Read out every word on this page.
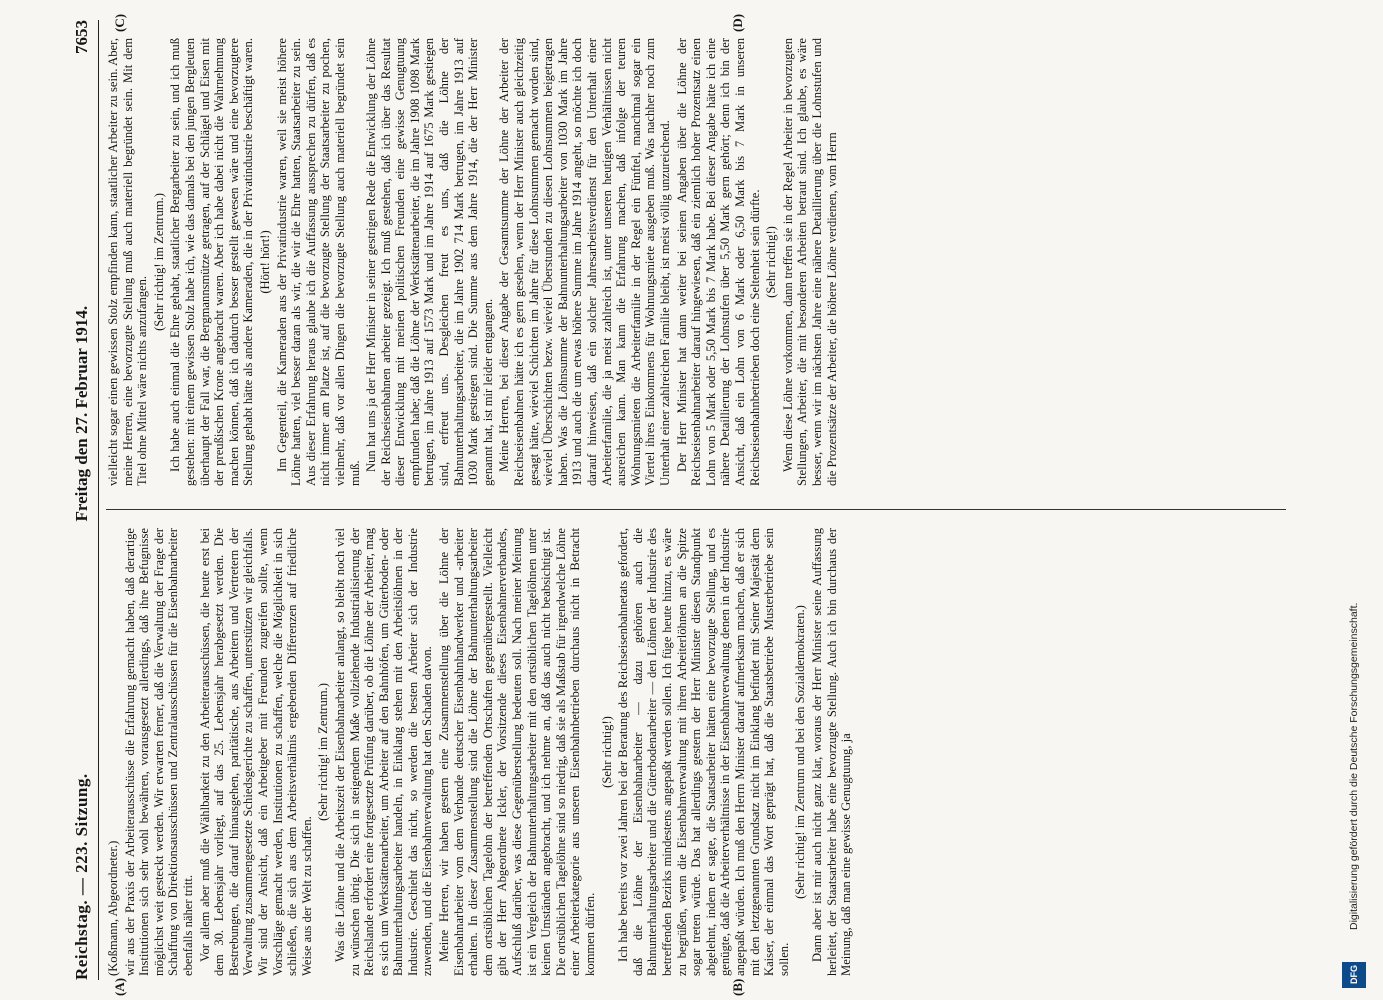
Reichstag. — 223. Sitzung.
Freitag den 27. Februar 1914.
7653
(A)	(B)
(C)	(D)

(Koßmann, Abgeordneter.) wir aus der Praxis der Arbeiterausschüsse die Erfahrung gemacht haben, daß derartige Institutionen sich sehr wohl bewähren, vorausgesetzt allerdings, daß ihre Befugnisse möglichst weit gesteckt werden. Wir erwarten ferner, daß die Verwaltung der Frage der Schaffung von Direktionsausschüssen und Zentralausschüssen für die Eisenbahnarbeiter ebenfalls näher tritt. Vor allem aber muß die Wählbarkeit zu den Arbeiterausschüssen, die heute erst bei dem 30. Lebensjahr vorliegt, auf das 25. Lebensjahr herabgesetzt werden. Die Bestrebungen, die darauf hinausgehen, paritätische, aus Arbeitern und Vertretern der Verwaltung zusammengesetzte Schiedsgerichte zu schaffen, unterstützen wir gleichfalls. Wir sind der Ansicht, daß ein Arbeitgeber mit Freunden zugreifen sollte, wenn Vorschläge gemacht werden, Institutionen zu schaffen, welche die Möglichkeit in sich schließen, die sich aus dem Arbeitsverhältnis ergebenden Differenzen auf friedliche Weise aus der Welt zu schaffen.

(Sehr richtig! im Zentrum.) Was die Löhne und die Arbeitszeit der Eisenbahnarbeiter anlangt, so bleibt noch viel zu wünschen übrig. Die sich in steigendem Maße vollziehende Industrialisierung der Reichslande erfordert eine fortgesetzte Prüfung darüber, ob die Löhne der Arbeiter, mag es sich um Werkstättenarbeiter, um Arbeiter auf den Bahnhöfen, um Güterboden- oder Bahnunterhaltungsarbeiter handeln, in Einklang stehen mit den Arbeitslöhnen in der Industrie. Geschieht das nicht, so werden die besten Arbeiter sich der Industrie zuwenden, und die Eisenbahnverwaltung hat den Schaden davon. Meine Herren, wir haben gestern eine Zusammenstellung über die Löhne der Eisenbahnarbeiter vom dem Verbande deutscher Eisenbahnhandwerker und -arbeiter erhalten. In dieser Zusammenstellung sind die Löhne der Bahnunterhaltungsarbeiter dem ortsüblichen Tagelohn der betreffenden Ortschaften gegenübergestellt. Vielleicht gibt der Herr Abgeordnete Ickler, der Vorsitzende dieses Eisenbahnerverbandes, Aufschluß darüber, was diese Gegenüberstellung bedeuten soll. Nach meiner Meinung ist ein Vergleich der Bahnunterhaltungsarbeiter mit den ortsüblichen Tagelöhnen unter keinen Umständen angebracht, und ich nehme an, daß das auch nicht beabsichtigt ist. Die ortsüblichen Tagelöhne sind so niedrig, daß sie als Maßstab für irgendwelche Löhne einer Arbeiterkategorie aus unseren Eisenbahnbetrieben durchaus nicht in Betracht kommen dürfen.

(Sehr richtig!) Ich habe bereits vor zwei Jahren bei der Beratung des Reichseisenbahnetats gefordert, daß die Löhne der Eisenbahnarbeiter — dazu gehören auch die Bahnunterhaltungsarbeiter und die Güterbodenarbeiter — den Löhnen der Industrie des betreffenden Bezirks mindestens angepaßt werden sollen. Ich füge heute hinzu, es wäre zu begrüßen, wenn die Eisenbahnverwaltung mit ihren Arbeiterlöhnen an die Spitze sogar treten würde. Das hat allerdings gestern der Herr Minister diesen Standpunkt abgelehnt, indem er sagte, die Staatsarbeiter hätten eine bevorzugte Stellung, und es genügte, daß die Arbeiterverhältnisse in der Eisenbahnverwaltung denen in der Industrie angepaßt würden. Ich muß den Herrn Minister darauf aufmerksam machen, daß er sich mit den letztgenannten Grundsatz nicht im Einklang befindet mit Seiner Majestät dem Kaiser, der einmal das Wort geprägt hat, daß die Staatsbetriebe Musterbetriebe sein sollen.

(Sehr richtig! im Zentrum und bei den Sozialdemokraten.) Dann aber ist mir auch nicht ganz klar, woraus der Herr Minister seine Auffassung herleitet, der Staatsarbeiter habe eine bevorzugte Stellung. Auch ich bin durchaus der Meinung, daß man eine gewisse Genugtuung, ja

vielleicht sogar einen gewissen Stolz empfinden kann, staatlicher Arbeiter zu sein. Aber, meine Herren, eine bevorzugte Stellung muß auch materiell begründet sein. Mit dem Titel ohne Mittel wäre nichts anzufangen.

(Sehr richtig! im Zentrum.) Ich habe auch einmal die Ehre gehabt, staatlicher Bergarbeiter zu sein, und ich muß gestehen: mit einem gewissen Stolz habe ich, wie das damals bei den jungen Bergleuten überhaupt der Fall war, die Bergmannsmütze getragen, auf der Schlägel und Eisen mit der preußischen Krone angebracht waren. Aber ich habe dabei nicht die Wahrnehmung machen können, daß ich dadurch besser gestellt gewesen wäre und eine bevorzugtere Stellung gehabt hätte als andere Kameraden, die in der Privatindustrie beschäftigt waren. (Hört! hört!) Im Gegenteil, die Kameraden aus der Privatindustrie waren, weil sie meist höhere Löhne hatten, viel besser daran als wir, die wir die Ehre hatten, Staatsarbeiter zu sein. Aus dieser Erfahrung heraus glaube ich die Auffassung aussprechen zu dürfen, daß es nicht immer am Platze ist, auf die bevorzugte Stellung der Staatsarbeiter zu pochen, vielmehr, daß vor allen Dingen die bevorzugte Stellung auch materiell begründet sein muß.

Nun hat uns ja der Herr Minister in seiner gestrigen Rede die Entwicklung der Löhne der Reichseisenbahnen arbeiter gezeigt. Ich muß gestehen, daß ich über das Resultat dieser Entwicklung mit meinen politischen Freunden eine gewisse Genugtuung empfunden habe; daß die Löhne der Werkstättenarbeiter, die im Jahre 1908 1098 Mark betrugen, im Jahre 1913 auf 1573 Mark und im Jahre 1914 auf 1675 Mark gestiegen sind, erfreut uns. Desgleichen freut es uns, daß die Löhne der Bahnunterhaltungsarbeiter, die im Jahre 1902 714 Mark betrugen, im Jahre 1913 auf 1030 Mark gestiegen sind. Die Summe aus dem Jahre 1914, die der Herr Minister genannt hat, ist mir leider entgangen. Meine Herren, bei dieser Angabe der Gesamtsumme der Löhne der Arbeiter der Reichseisenbahnen hätte ich es gern gesehen, wenn der Herr Minister auch gleichzeitig gesagt hätte, wieviel Schichten im Jahre für diese Lohnsummen gemacht worden sind, wieviel Überschichten bezw. wieviel Überstunden zu diesen Lohnsummen beigetragen haben. Was die Löhnsumme der Bahnunterhaltungsarbeiter von 1030 Mark im Jahre 1913 und auch die um etwas höhere Summe im Jahre 1914 angeht, so möchte ich doch darauf hinweisen, daß ein solcher Jahresarbeitsverdienst für den Unterhalt einer Arbeiterfamilie, die ja meist zahlreich ist, unter unseren heutigen Verhältnissen nicht ausreichen kann. Man kann die Erfahrung machen, daß infolge der teuren Wohnungsmieten die Arbeiterfamilie in der Regel ein Fünftel, manchmal sogar ein Viertel ihres Einkommens für Wohnungsmiete ausgeben muß. Was nachher noch zum Unterhalt einer zahlreichen Familie bleibt, ist meist völlig unzureichend. Der Herr Minister hat dann weiter bei seinen Angaben über die Löhne der Reichseisenbahnarbeiter darauf hingewiesen, daß ein ziemlich hoher Prozentsatz einen Lohn von 5 Mark oder 5,50 Mark bis 7 Mark habe. Bei dieser Angabe hätte ich eine nähere Detaillierung der Lohnstufen über 5,50 Mark gern gehört; denn ich bin der Ansicht, daß ein Lohn von 6 Mark oder 6,50 Mark bis 7 Mark in unseren Reichseisenbahnbetrieben doch eine Seltenheit sein dürfte. (Sehr richtig!) Wenn diese Löhne vorkommen, dann treffen sie in der Regel Arbeiter in bevorzugten Stellungen, Arbeiter, die mit besonderen Arbeiten betraut sind. Ich glaube, es wäre besser, wenn wir im nächsten Jahre eine nähere Detaillierung über die Lohnstufen und die Prozentsätze der Arbeiter, die höhere Löhne verdienen, vom Herrn

Digitalisierung gefördert durch die Deutsche Forschungsgemeinschaft.
DFG
